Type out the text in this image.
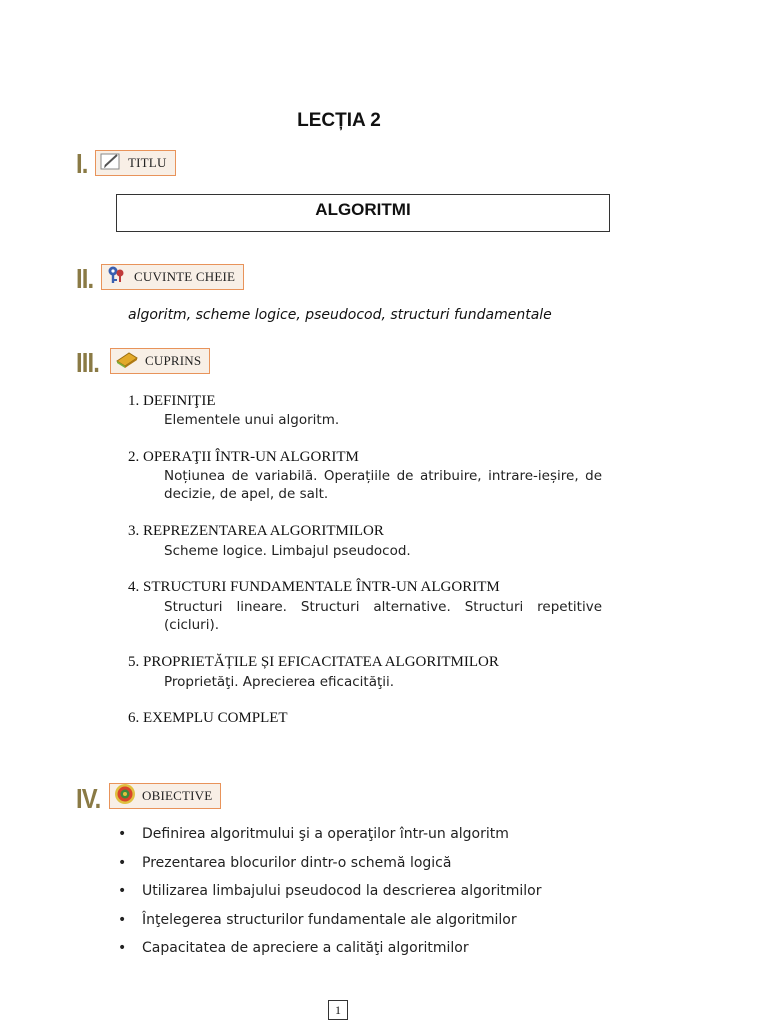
LECȚIA 2
I.	TITLU
ALGORITMI
II.	CUVINTE CHEIE
algoritm, scheme logice, pseudocod, structuri fundamentale
III.	CUPRINS
1. DEFINIŢIE
Elementele unui algoritm.
2. OPERAŢII ÎNTR-UN ALGORITM
Noțiunea de variabilă. Operațiile de atribuire, intrare-ieșire, de decizie, de apel, de salt.
3. REPREZENTAREA ALGORITMILOR
Scheme logice. Limbajul pseudocod.
4. STRUCTURI FUNDAMENTALE ÎNTR-UN ALGORITM
Structuri lineare. Structuri alternative. Structuri repetitive (cicluri).
5. PROPRIETĂȚILE ȘI EFICACITATEA ALGORITMILOR
Proprietăţi. Aprecierea eficacităţii.
6. EXEMPLU COMPLET
IV.	OBIECTIVE
•	Definirea algoritmului şi a operaţilor într-un algoritm
•	Prezentarea blocurilor dintr-o schemă logică
•	Utilizarea limbajului pseudocod la descrierea algoritmilor
•	Înţelegerea structurilor fundamentale ale algoritmilor
•	Capacitatea de apreciere a calităţi algoritmilor
1
